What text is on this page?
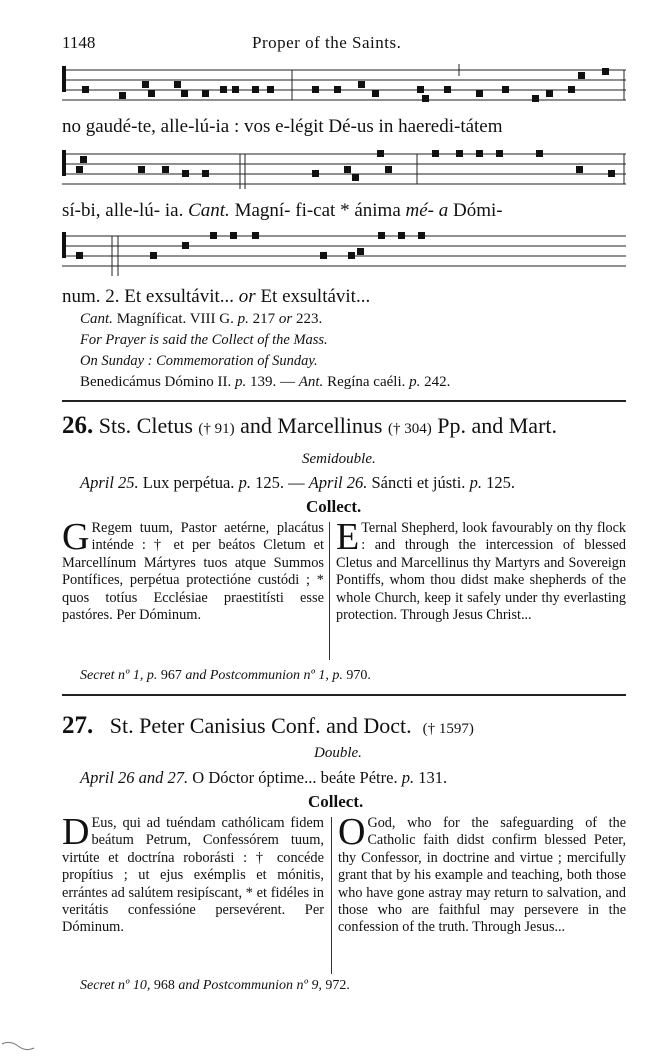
1148	Proper of the Saints.
no gaudé-te, alle-lú-ia : vos e-légit Dé-us in haeredi-tátem
sí-bi, alle-lú- ia. Cant. Magní- fi-cat * ánima mé- a Dómi-
num. 2. Et exsultávit... or Et exsultávit...
Cant. Magníficat. VIII G. p. 217 or 223.
For Prayer is said the Collect of the Mass.
On Sunday : Commemoration of Sunday.
Benedicámus Dómino II. p. 139. — Ant. Regína caéli. p. 242.
26. Sts. Cletus († 91) and Marcellinus († 304) Pp. and Mart.
Semidouble.
April 25. Lux perpétua. p. 125. — April 26. Sáncti et jústi. p. 125.
Collect.
G Regem tuum, Pastor aetérne, placátus inténde : † et per beátos Cletum et Marcellínum Mártyres tuos atque Summos Pontífices, perpétua protectióne custódi ; * quos totíus Ecclésiae praestitísti esse pastóres. Per Dóminum.
E Ternal Shepherd, look favourably on thy flock : and through the intercession of blessed Cletus and Marcellinus thy Martyrs and Sovereign Pontiffs, whom thou didst make shepherds of the whole Church, keep it safely under thy everlasting protection. Through Jesus Christ...
Secret nº 1, p. 967 and Postcommunion nº 1, p. 970.
27. St. Peter Canisius Conf. and Doct. († 1597)
Double.
April 26 and 27. O Dóctor óptime... beáte Pétre. p. 131.
Collect.
D Eus, qui ad tuéndam cathólicam fidem beátum Petrum, Confessórem tuum, virtúte et doctrína roborásti : † concéde propítius ; ut ejus exémplis et mónitis, errántes ad salútem resipíscant, * et fidéles in veritátis confessióne persevérent. Per Dóminum.
O God, who for the safeguarding of the Catholic faith didst confirm blessed Peter, thy Confessor, in doctrine and virtue ; mercifully grant that by his example and teaching, both those who have gone astray may return to salvation, and those who are faithful may persevere in the confession of the truth. Through Jesus...
Secret nº 10, 968 and Postcommunion nº 9, 972.
